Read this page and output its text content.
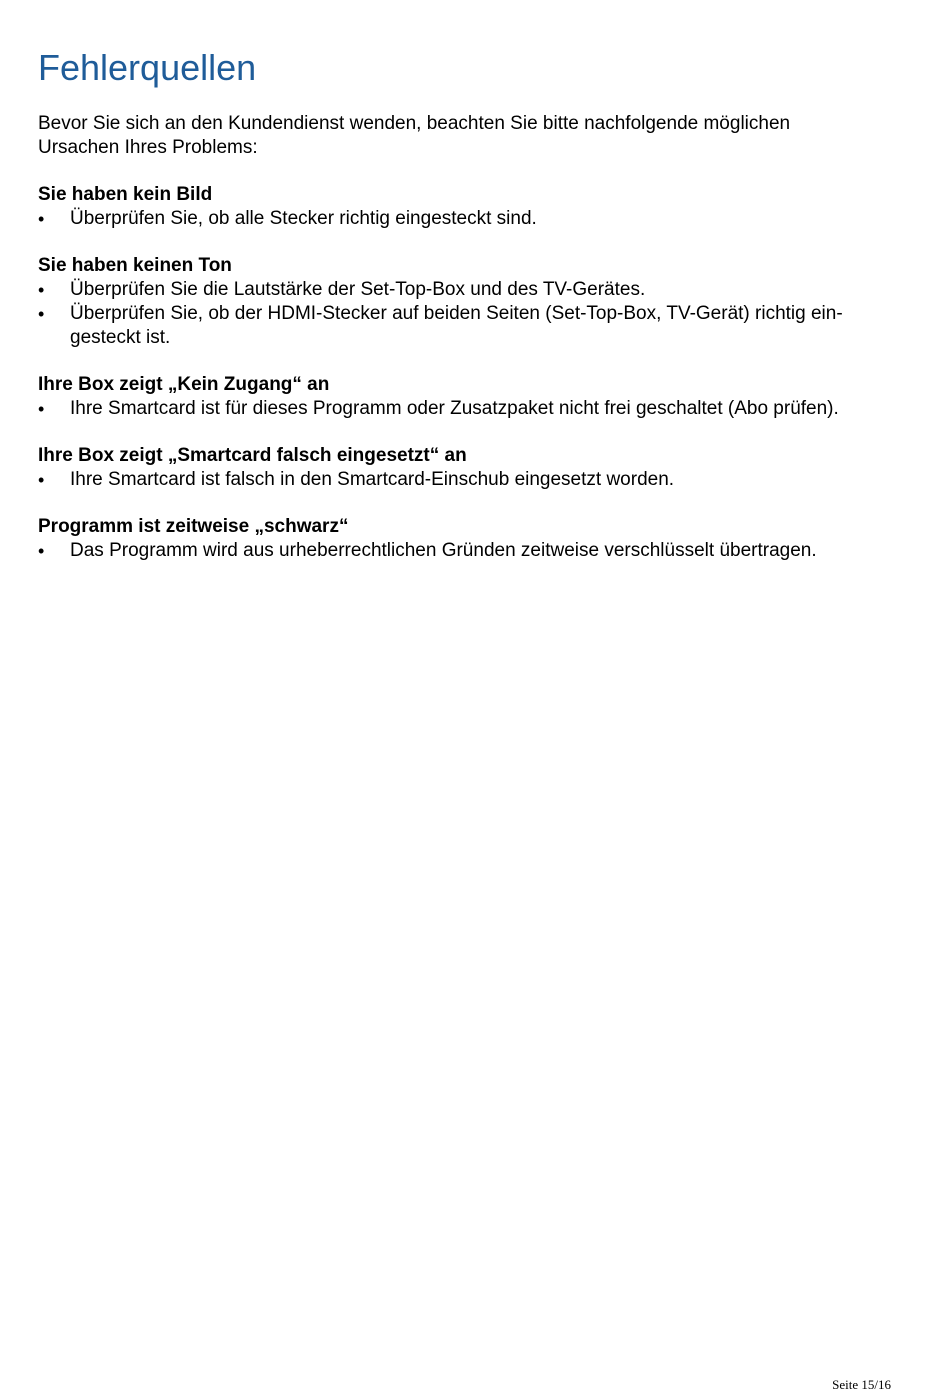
Fehlerquellen

Bevor Sie sich an den Kundendienst wenden, beachten Sie bitte nachfolgende möglichen Ursachen Ihres Problems:

Sie haben kein Bild
•	Überprüfen Sie, ob alle Stecker richtig eingesteckt sind.
Sie haben keinen Ton
•	Überprüfen Sie die Lautstärke der Set-Top-Box und des TV-Gerätes.
•	Überprüfen Sie, ob der HDMI-Stecker auf beiden Seiten (Set-Top-Box, TV-Gerät) richtig ein- gesteckt ist.
Ihre Box zeigt „Kein Zugang“ an
•	Ihre Smartcard ist für dieses Programm oder Zusatzpaket nicht frei geschaltet (Abo prüfen).
Ihre Box zeigt „Smartcard falsch eingesetzt“ an
•	Ihre Smartcard ist falsch in den Smartcard-Einschub eingesetzt worden.
Programm ist zeitweise „schwarz“
•	Das Programm wird aus urheberrechtlichen Gründen zeitweise verschlüsselt übertragen.
Seite 15/16
